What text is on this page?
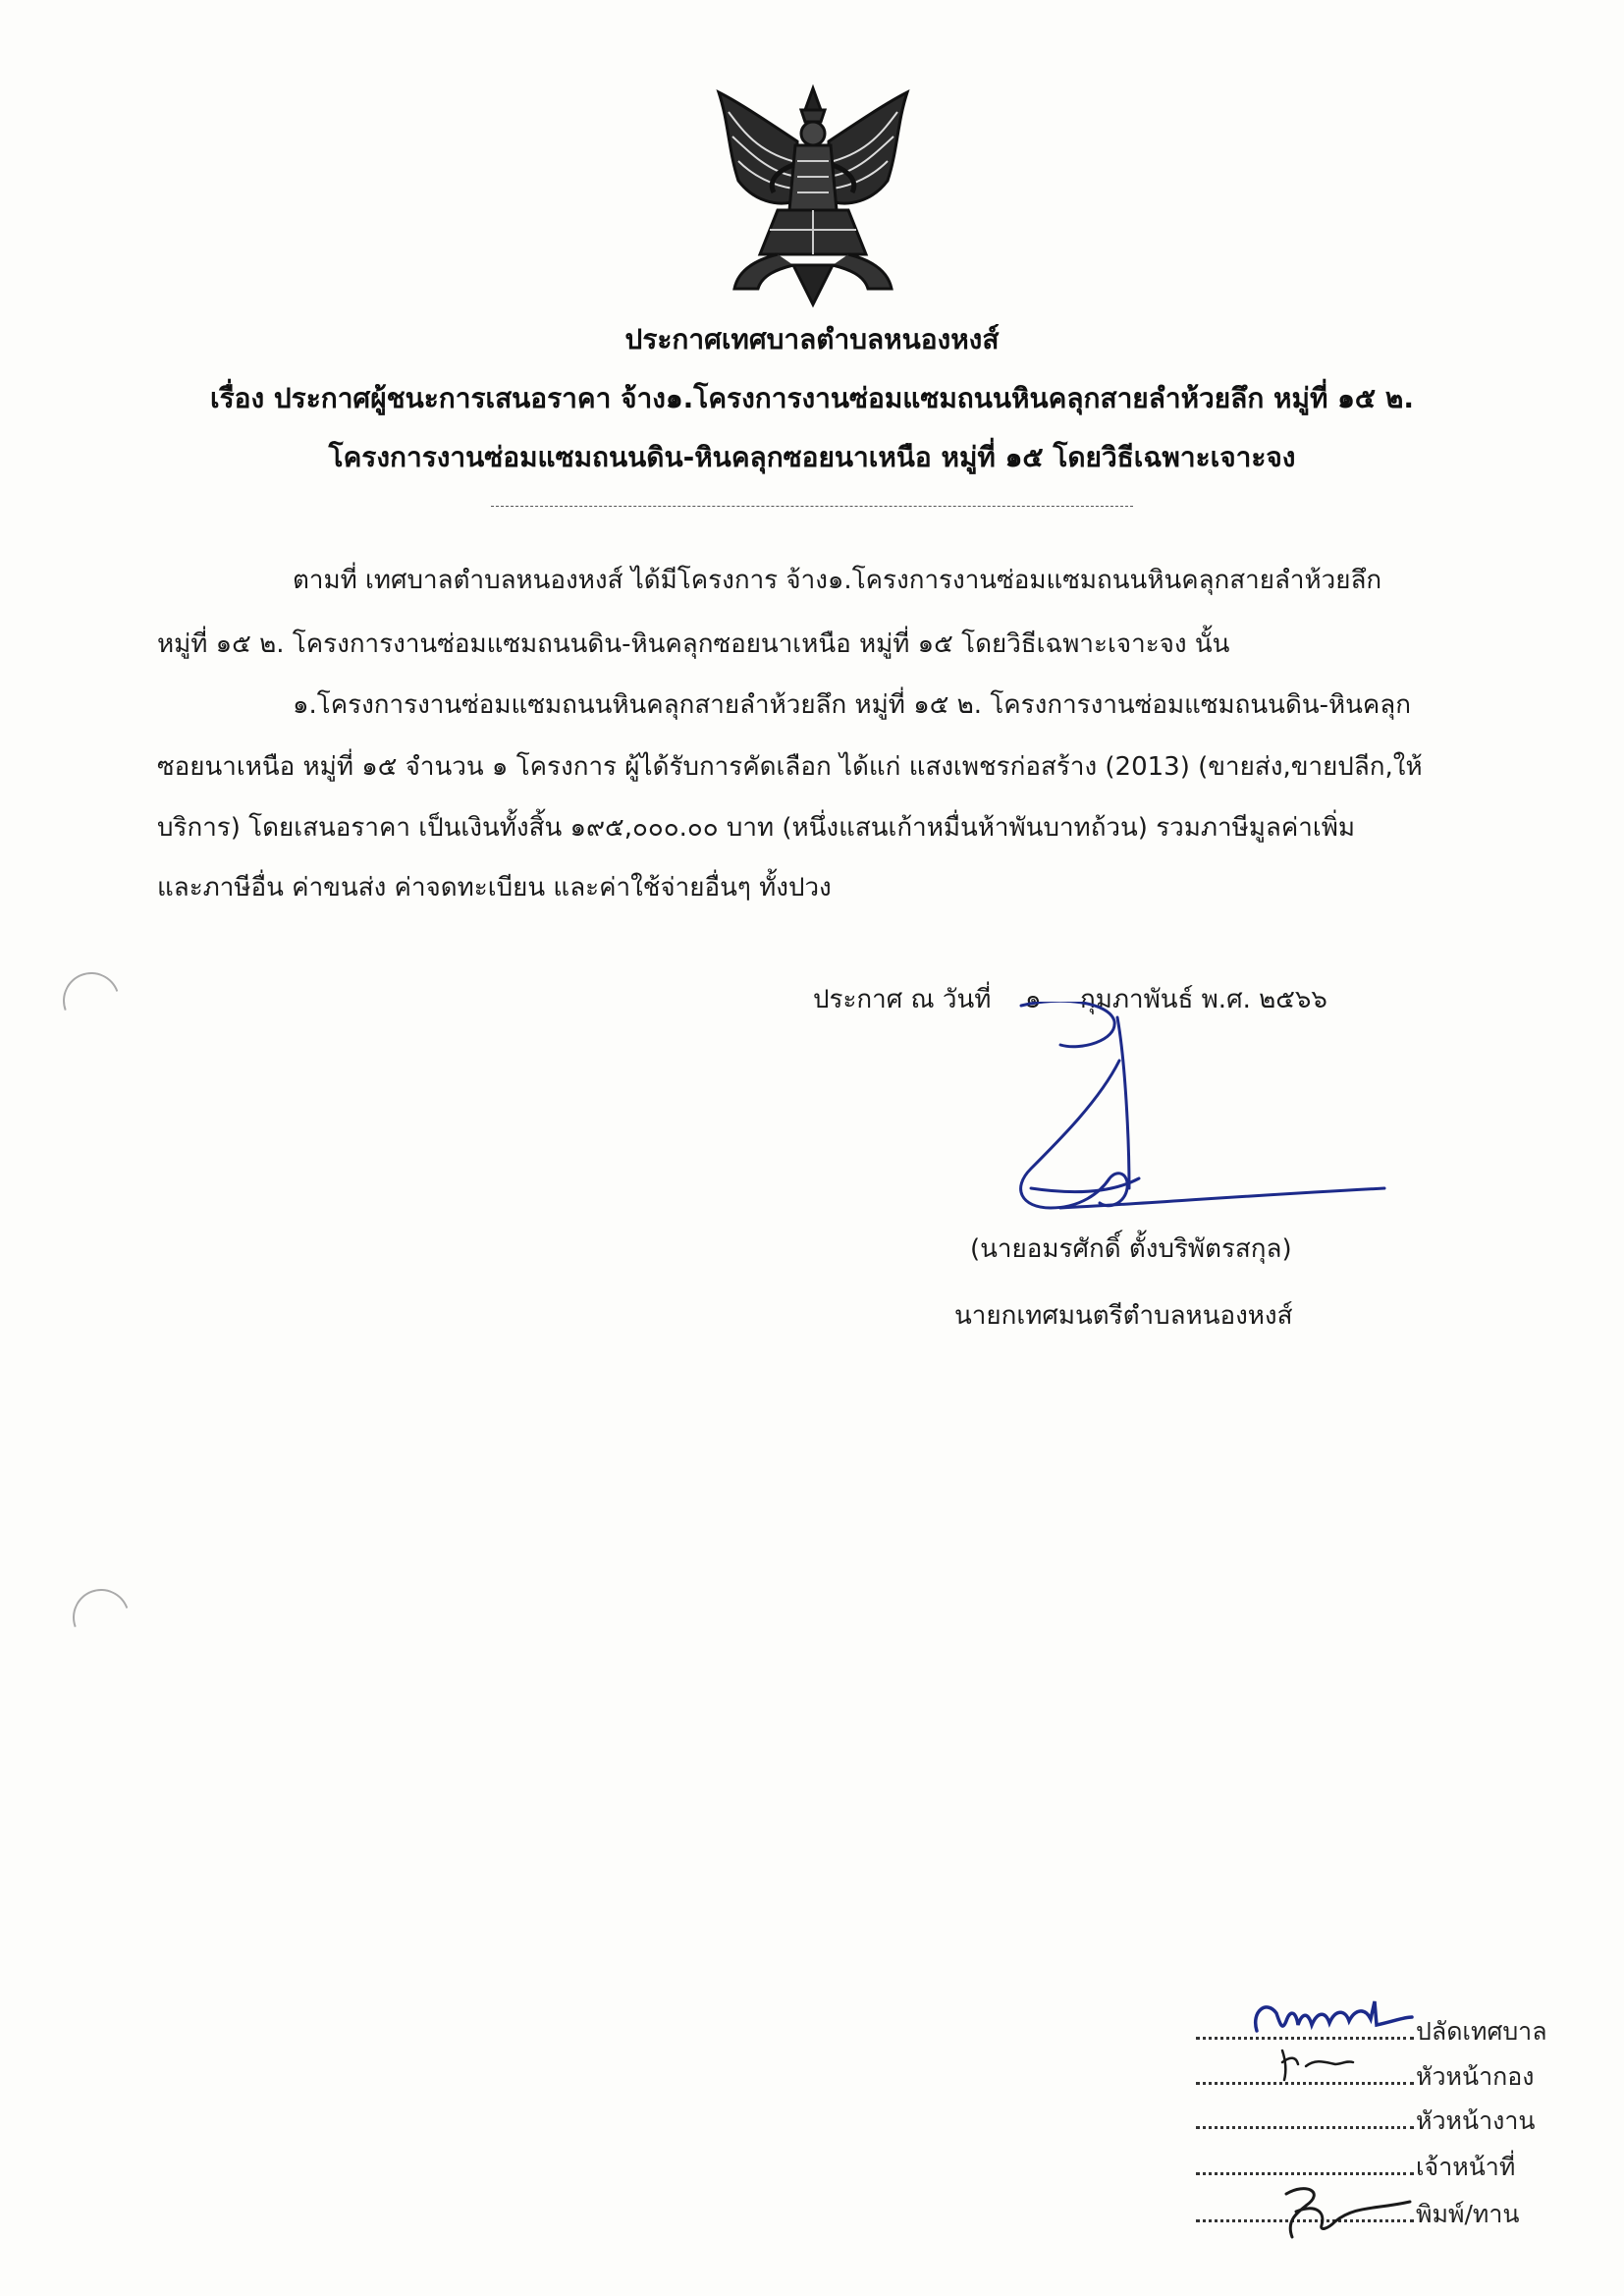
ประกาศเทศบาลตำบลหนองหงส์
เรื่อง ประกาศผู้ชนะการเสนอราคา จ้าง๑.โครงการงานซ่อมแซมถนนหินคลุกสายลำห้วยลึก หมู่ที่ ๑๕ ๒.
โครงการงานซ่อมแซมถนนดิน-หินคลุกซอยนาเหนือ หมู่ที่ ๑๕ โดยวิธีเฉพาะเจาะจง
ตามที่ เทศบาลตำบลหนองหงส์ ได้มีโครงการ จ้าง๑.โครงการงานซ่อมแซมถนนหินคลุกสายลำห้วยลึก
หมู่ที่ ๑๕ ๒. โครงการงานซ่อมแซมถนนดิน-หินคลุกซอยนาเหนือ หมู่ที่ ๑๕ โดยวิธีเฉพาะเจาะจง นั้น
๑.โครงการงานซ่อมแซมถนนหินคลุกสายลำห้วยลึก หมู่ที่ ๑๕ ๒. โครงการงานซ่อมแซมถนนดิน-หินคลุก
ซอยนาเหนือ หมู่ที่ ๑๕ จำนวน ๑ โครงการ ผู้ได้รับการคัดเลือก ได้แก่ แสงเพชรก่อสร้าง (2013) (ขายส่ง,ขายปลีก,ให้
บริการ) โดยเสนอราคา เป็นเงินทั้งสิ้น ๑๙๕,๐๐๐.๐๐ บาท (หนึ่งแสนเก้าหมื่นห้าพันบาทถ้วน) รวมภาษีมูลค่าเพิ่ม
และภาษีอื่น ค่าขนส่ง ค่าจดทะเบียน และค่าใช้จ่ายอื่นๆ ทั้งปวง
ประกาศ ณ วันที่ ๑ กุมภาพันธ์ พ.ศ. ๒๕๖๖
(นายอมรศักดิ์ ตั้งบริพัตรสกุล)
นายกเทศมนตรีตำบลหนองหงส์
ปลัดเทศบาล
หัวหน้ากอง
หัวหน้างาน
เจ้าหน้าที่
พิมพ์/ทาน
